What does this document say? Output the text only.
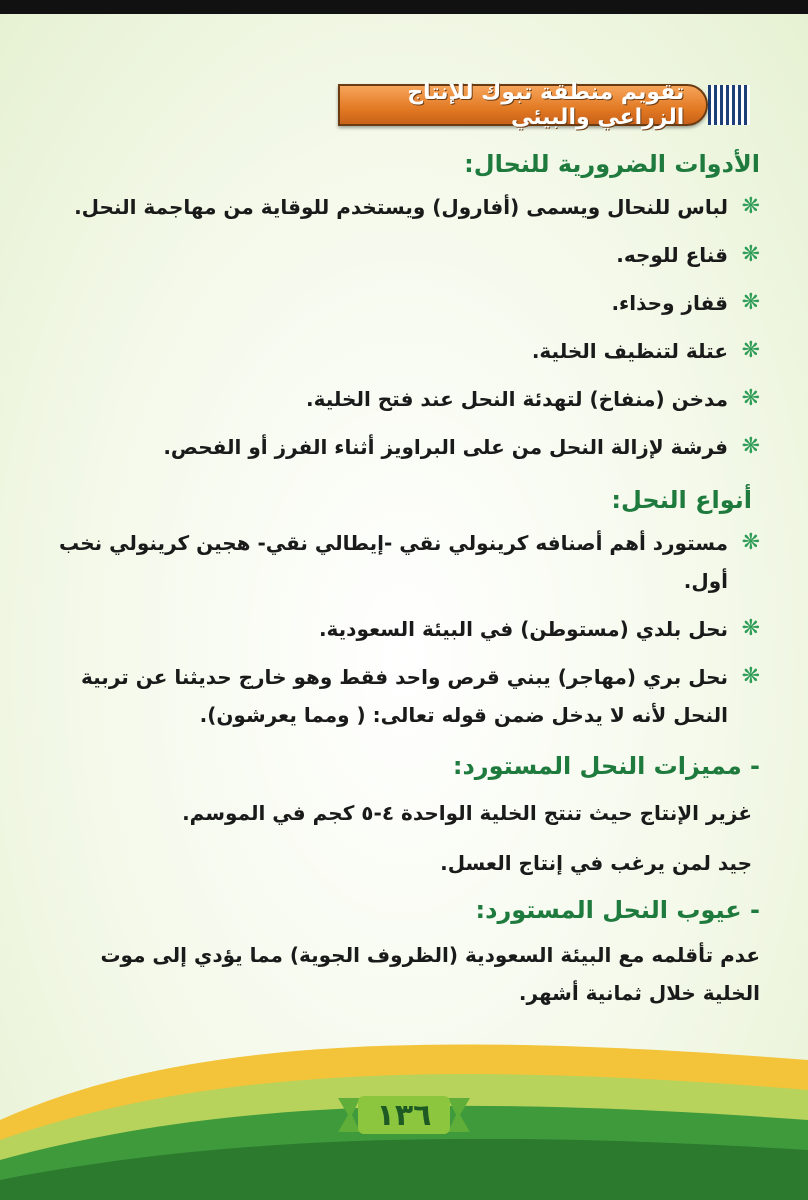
تقويم منطقة تبوك للإنتاج الزراعي والبيئي
الأدوات الضرورية للنحال:

❋
لباس للنحال ويسمى (أفارول) ويستخدم للوقاية من مهاجمة النحل.

❋
قناع للوجه.

❋
قفاز وحذاء.

❋
عتلة لتنظيف الخلية.

❋
مدخن (منفاخ) لتهدئة النحل عند فتح الخلية.

❋
فرشة لإزالة النحل من على البراويز أثناء الفرز أو الفحص.

أنواع النحل:

❋
مستورد أهم أصنافه كرينولي نقي -إيطالي نقي- هجين كرينولي نخب أول.

❋
نحل بلدي (مستوطن) في البيئة السعودية.

❋
نحل بري (مهاجر) يبني قرص واحد فقط وهو خارج حديثنا عن تربية النحل لأنه لا يدخل ضمن قوله تعالى: ( ومما يعرشون).

- مميزات النحل المستورد:

غزير الإنتاج حيث تنتج الخلية الواحدة ٤-٥ كجم في الموسم.

جيد لمن يرغب في إنتاج العسل.

- عيوب النحل المستورد:

عدم تأقلمه مع البيئة السعودية (الظروف الجوية) مما يؤدي إلى موت الخلية خلال ثمانية أشهر.

١٣٦
